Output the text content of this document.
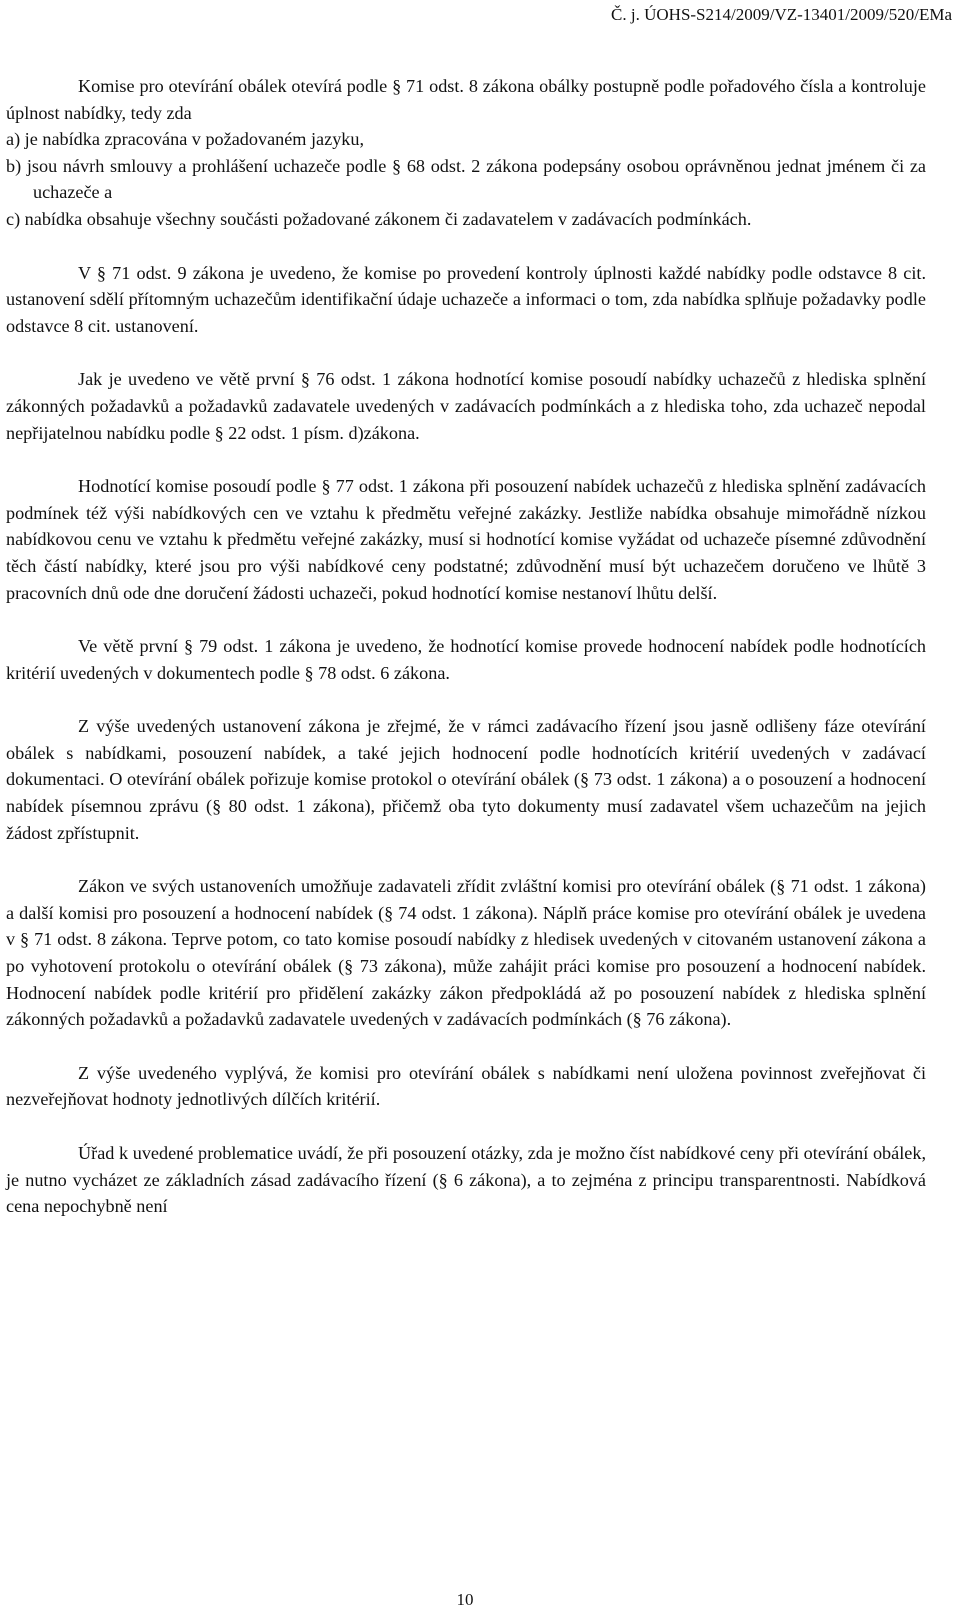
Č. j. ÚOHS-S214/2009/VZ-13401/2009/520/EMa

Komise pro otevírání obálek otevírá podle § 71 odst. 8 zákona obálky postupně podle pořadového čísla a kontroluje úplnost nabídky, tedy zda

a) je nabídka zpracována v požadovaném jazyku,
b) jsou návrh smlouvy a prohlášení uchazeče podle § 68 odst. 2 zákona podepsány osobou oprávněnou jednat jménem či za uchazeče a
c) nabídka obsahuje všechny součásti požadované zákonem či zadavatelem v zadávacích podmínkách.

V § 71 odst. 9 zákona je uvedeno, že komise po provedení kontroly úplnosti každé nabídky podle odstavce 8 cit. ustanovení sdělí přítomným uchazečům identifikační údaje uchazeče a informaci o tom, zda nabídka splňuje požadavky podle odstavce 8 cit. ustanovení.

Jak je uvedeno ve větě první § 76 odst. 1 zákona hodnotící komise posoudí nabídky uchazečů z hlediska splnění zákonných požadavků a požadavků zadavatele uvedených v zadávacích podmínkách a z hlediska toho, zda uchazeč nepodal nepřijatelnou nabídku podle § 22 odst. 1 písm. d)zákona.

Hodnotící komise posoudí podle § 77 odst. 1 zákona při posouzení nabídek uchazečů z hlediska splnění zadávacích podmínek též výši nabídkových cen ve vztahu k předmětu veřejné zakázky. Jestliže nabídka obsahuje mimořádně nízkou nabídkovou cenu ve vztahu k předmětu veřejné zakázky, musí si hodnotící komise vyžádat od uchazeče písemné zdůvodnění těch částí nabídky, které jsou pro výši nabídkové ceny podstatné; zdůvodnění musí být uchazečem doručeno ve lhůtě 3 pracovních dnů ode dne doručení žádosti uchazeči, pokud hodnotící komise nestanoví lhůtu delší.

Ve větě první § 79 odst. 1 zákona je uvedeno, že hodnotící komise provede hodnocení nabídek podle hodnotících kritérií uvedených v dokumentech podle § 78 odst. 6 zákona.

Z výše uvedených ustanovení zákona je zřejmé, že v rámci zadávacího řízení jsou jasně odlišeny fáze otevírání obálek s nabídkami, posouzení nabídek, a také jejich hodnocení podle hodnotících kritérií uvedených v zadávací dokumentaci. O otevírání obálek pořizuje komise protokol o otevírání obálek (§ 73 odst. 1 zákona) a o posouzení a hodnocení nabídek písemnou zprávu (§ 80 odst. 1 zákona), přičemž oba tyto dokumenty musí zadavatel všem uchazečům na jejich žádost zpřístupnit.

Zákon ve svých ustanoveních umožňuje zadavateli zřídit zvláštní komisi pro otevírání obálek (§ 71 odst. 1 zákona) a další komisi pro posouzení a hodnocení nabídek (§ 74 odst. 1 zákona). Náplň práce komise pro otevírání obálek je uvedena v § 71 odst. 8 zákona. Teprve potom, co tato komise posoudí nabídky z hledisek uvedených v citovaném ustanovení zákona a po vyhotovení protokolu o otevírání obálek (§ 73 zákona), může zahájit práci komise pro posouzení a hodnocení nabídek. Hodnocení nabídek podle kritérií pro přidělení zakázky zákon předpokládá až po posouzení nabídek z hlediska splnění zákonných požadavků a požadavků zadavatele uvedených v zadávacích podmínkách (§ 76 zákona).

Z výše uvedeného vyplývá, že komisi pro otevírání obálek s nabídkami není uložena povinnost zveřejňovat či nezveřejňovat hodnoty jednotlivých dílčích kritérií.

Úřad k uvedené problematice uvádí, že při posouzení otázky, zda je možno číst nabídkové ceny při otevírání obálek, je nutno vycházet ze základních zásad zadávacího řízení (§ 6 zákona), a to zejména z principu transparentnosti. Nabídková cena nepochybně není

10
